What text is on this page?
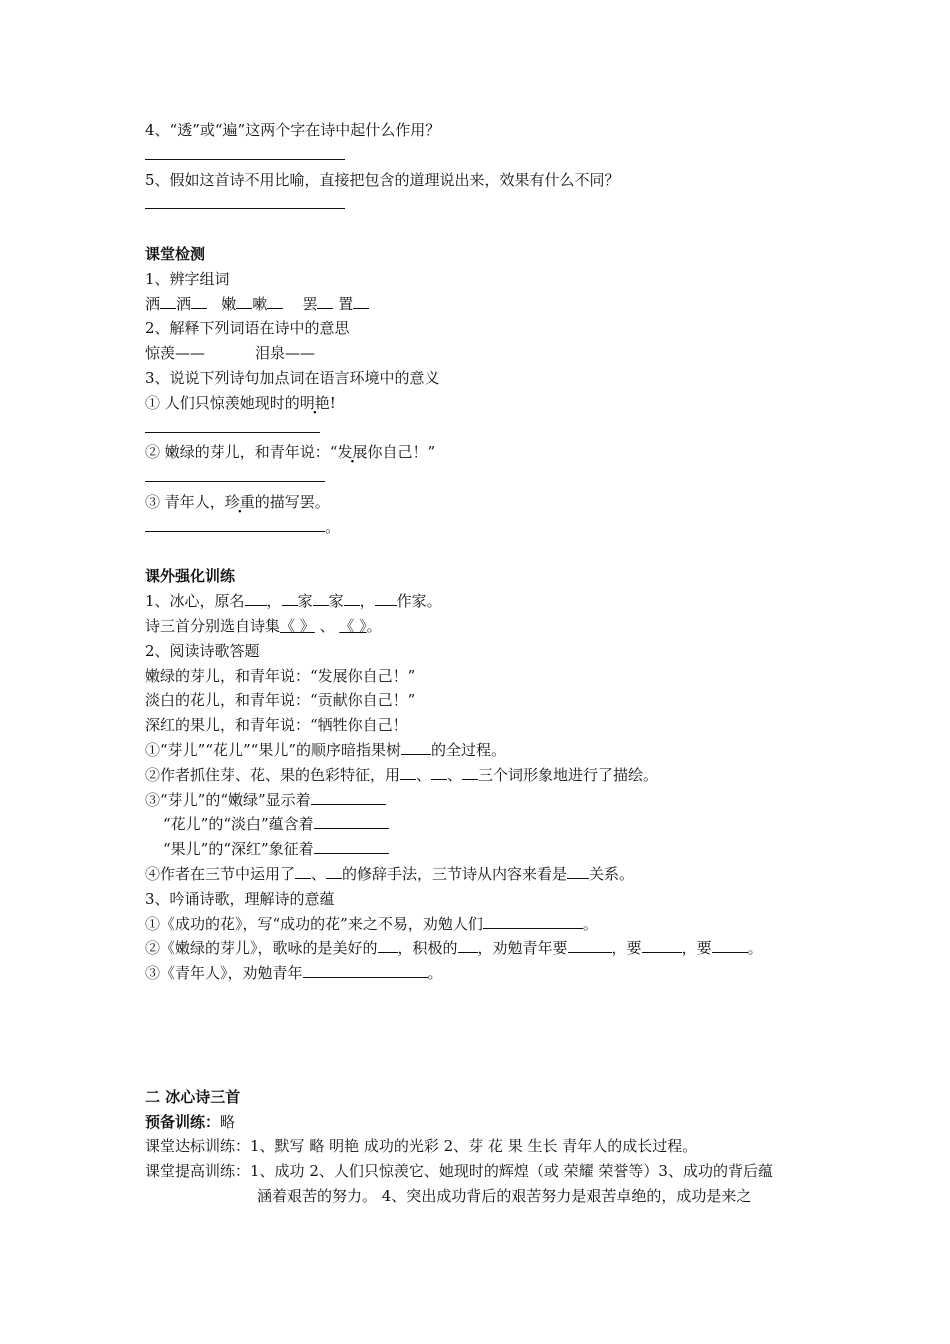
4、“透”或“遍”这两个字在诗中起什么作用？
5、假如这首诗不用比喻，直接把包含的道理说出来，效果有什么不同？
课堂检测
1、辨字组词
洒 洒 嫩 嗽 罢 置
2、解释下列词语在诗中的意思
惊羡——	泪泉——
3、说说下列诗句加点词在语言环境中的意义
① 人们只惊羡她现时的明艳!
② 嫩绿的芽儿，和青年说：“发展你自己！”
③ 青年人，珍重的描写罢。
。
课外强化训练
1、冰心，原名 ， 家 家 ， 作家。
诗三首分别选自诗集《 》 、 《 》。
2、阅读诗歌答题
嫩绿的芽儿，和青年说：“发展你自己！”
淡白的花儿，和青年说：“贡献你自己！”
深红的果儿，和青年说：“牺牲你自己！
①“芽儿”“花儿”“果儿”的顺序暗指果树 的全过程。
②作者抓住芽、花、果的色彩特征，用 、 、 三个词形象地进行了描绘。
③“芽儿”的“嫩绿”显示着
“花儿”的“淡白”蕴含着
“果儿”的“深红”象征着
④作者在三节中运用了 、 的修辞手法，三节诗从内容来看是 关系。
3、吟诵诗歌，理解诗的意蕴
①《成功的花》，写“成功的花”来之不易，劝勉人们	。
②《嫩绿的芽儿》，歌咏的是美好的 ，积极的 ，劝勉青年要	，要	，要 。
③《青年人》，劝勉青年	。
二 冰心诗三首
预备训练：略
课堂达标训练：1、默写 略 明艳 成功的光彩 2、芽 花 果 生长 青年人的成长过程。
课堂提高训练：1、成功 2、人们只惊羡它、她现时的辉煌（或 荣耀 荣誉等）3、成功的背后蕴
涵着艰苦的努力。 4、突出成功背后的艰苦努力是艰苦卓绝的，成功是来之
